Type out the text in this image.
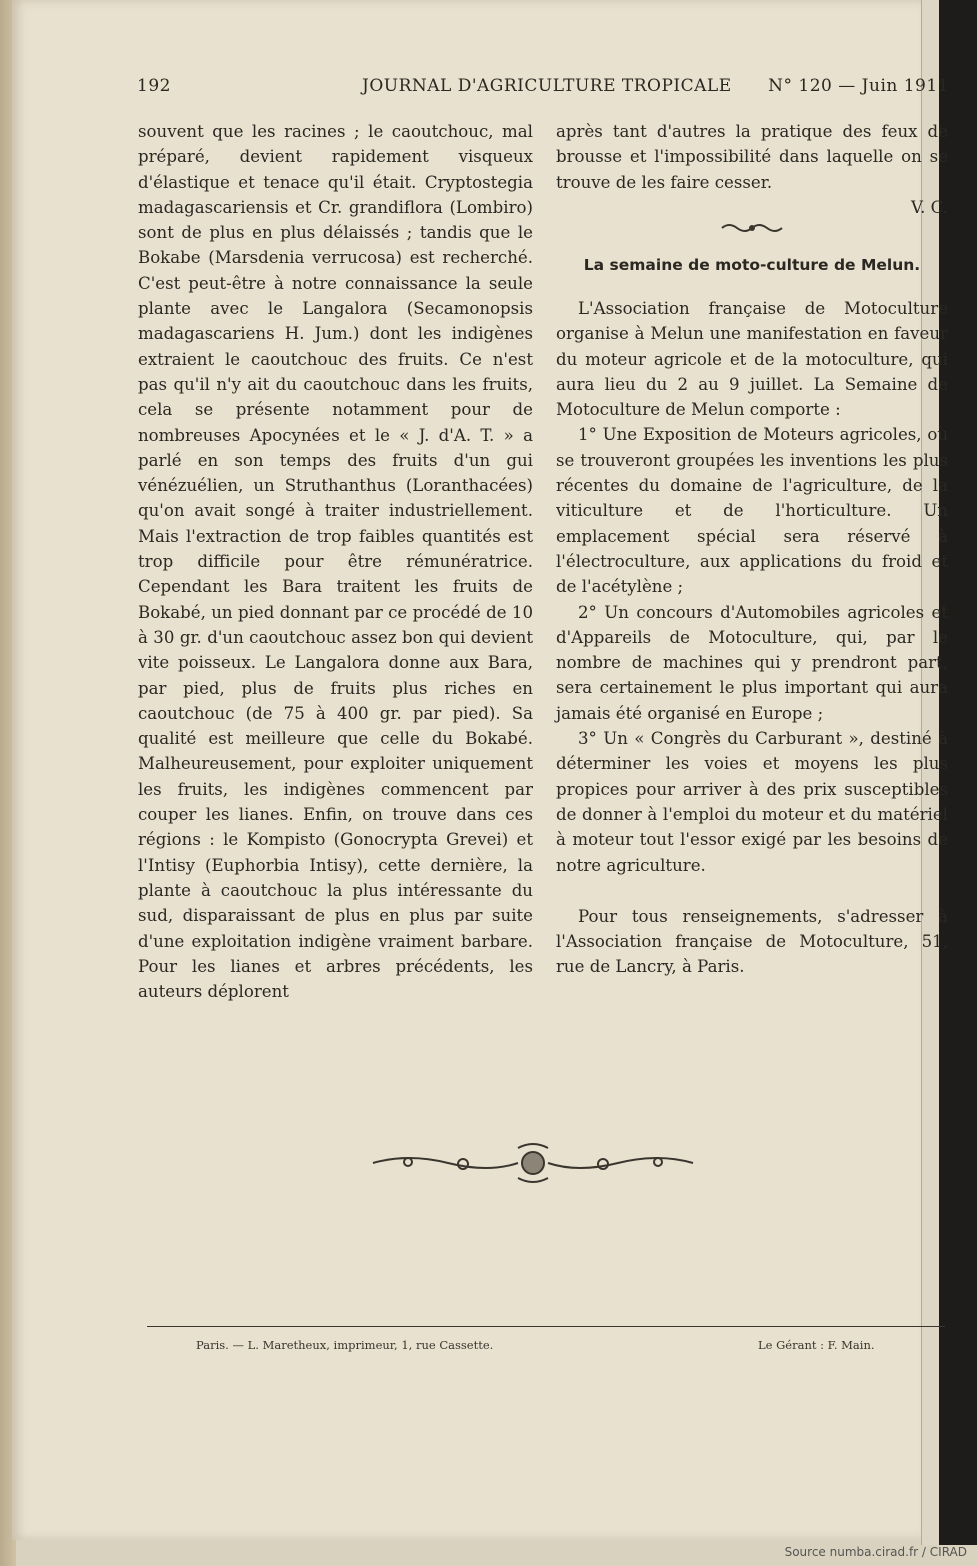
192	JOURNAL D'AGRICULTURE TROPICALE N° 120 — Juin 1911

souvent que les racines ; le caoutchouc, mal préparé, devient rapidement visqueux d'élastique et tenace qu'il était. Cryptostegia madagascariensis et Cr. grandiflora (Lombiro) sont de plus en plus délaissés ; tandis que le Bokabe (Marsdenia verrucosa) est recherché. C'est peut-être à notre connaissance la seule plante avec le Langalora (Secamonopsis madagascariens H. Jum.) dont les indigènes extraient le caoutchouc des fruits. Ce n'est pas qu'il n'y ait du caoutchouc dans les fruits, cela se présente notamment pour de nombreuses Apocynées et le « J. d'A. T. » a parlé en son temps des fruits d'un gui vénézuélien, un Struthanthus (Loranthacées) qu'on avait songé à traiter industriellement. Mais l'extraction de trop faibles quantités est trop difficile pour être rémunératrice. Cependant les Bara traitent les fruits de Bokabé, un pied donnant par ce procédé de 10 à 30 gr. d'un caoutchouc assez bon qui devient vite poisseux. Le Langalora donne aux Bara, par pied, plus de fruits plus riches en caoutchouc (de 75 à 400 gr. par pied). Sa qualité est meilleure que celle du Bokabé. Malheureusement, pour exploiter uniquement les fruits, les indigènes commencent par couper les lianes. Enfin, on trouve dans ces régions : le Kompisto (Gonocrypta Grevei) et l'Intisy (Euphorbia Intisy), cette dernière, la plante à caoutchouc la plus intéressante du sud, disparaissant de plus en plus par suite d'une exploitation indigène vraiment barbare. Pour les lianes et arbres précédents, les auteurs déplorent

après tant d'autres la pratique des feux de brousse et l'impossibilité dans laquelle on se trouve de les faire cesser.

V. C.

La semaine de moto-culture de Melun.

L'Association française de Motoculture organise à Melun une manifestation en faveur du moteur agricole et de la motoculture, qui aura lieu du 2 au 9 juillet. La Semaine de Motoculture de Melun comporte :

1° Une Exposition de Moteurs agricoles, où se trouveront groupées les inventions les plus récentes du domaine de l'agriculture, de la viticulture et de l'horticulture. Un emplacement spécial sera réservé à l'électroculture, aux applications du froid et de l'acétylène ;

2° Un concours d'Automobiles agricoles et d'Appareils de Motoculture, qui, par le nombre de machines qui y prendront part, sera certainement le plus important qui aura jamais été organisé en Europe ;

3° Un « Congrès du Carburant », destiné à déterminer les voies et moyens les plus propices pour arriver à des prix susceptibles de donner à l'emploi du moteur et du matériel à moteur tout l'essor exigé par les besoins de notre agriculture.

Pour tous renseignements, s'adresser à l'Association française de Motoculture, 51, rue de Lancry, à Paris.

Paris. — L. Maretheux, imprimeur, 1, rue Cassette.	Le Gérant : F. Main.
Source numba.cirad.fr / CIRAD
